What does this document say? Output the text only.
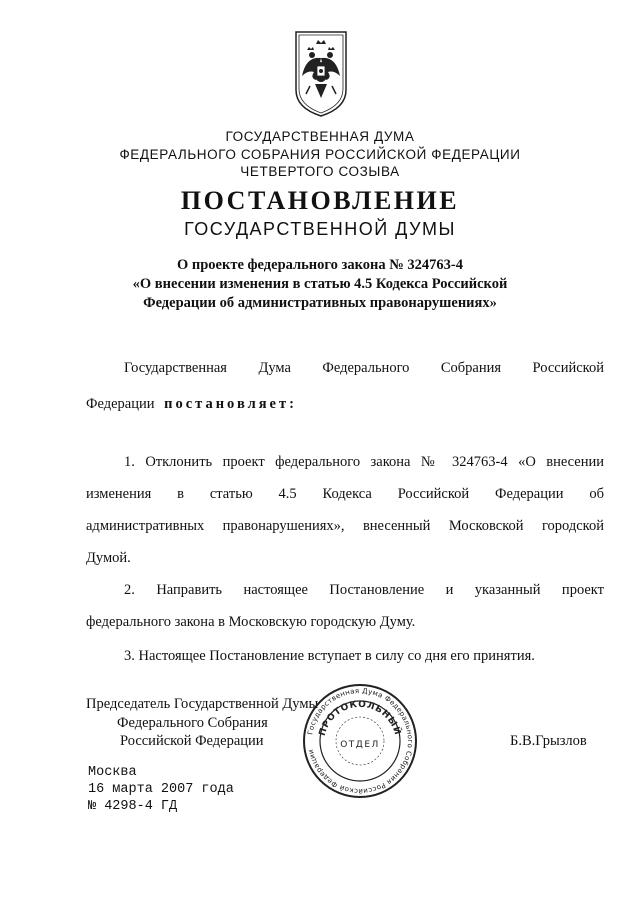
ГОСУДАРСТВЕННАЯ ДУМА
ФЕДЕРАЛЬНОГО СОБРАНИЯ РОССИЙСКОЙ ФЕДЕРАЦИИ
ЧЕТВЕРТОГО СОЗЫВА
ПОСТАНОВЛЕНИЕ
ГОСУДАРСТВЕННОЙ ДУМЫ
О проекте федерального закона № 324763-4
«О внесении изменения в статью 4.5 Кодекса Российской
Федерации об административных правонарушениях»
Государственная Дума Федерального Собрания Российской
Федерации постановляет:
1. Отклонить проект федерального закона № 324763-4 «О внесении
изменения в статью 4.5 Кодекса Российской Федерации об
административных правонарушениях», внесенный Московской городской
Думой.
2. Направить настоящее Постановление и указанный проект
федерального закона в Московскую городскую Думу.
3. Настоящее Постановление вступает в силу со дня его принятия.
Председатель Государственной Думы
Федерального Собрания
Российской Федерации	Б.В.Грызлов
Государственная Дума Федерального Собрания Российской Федерации
ПРОТОКОЛЬНЫЙ
ОТДЕЛ
Москва
16 марта 2007 года
№ 4298-4 ГД
